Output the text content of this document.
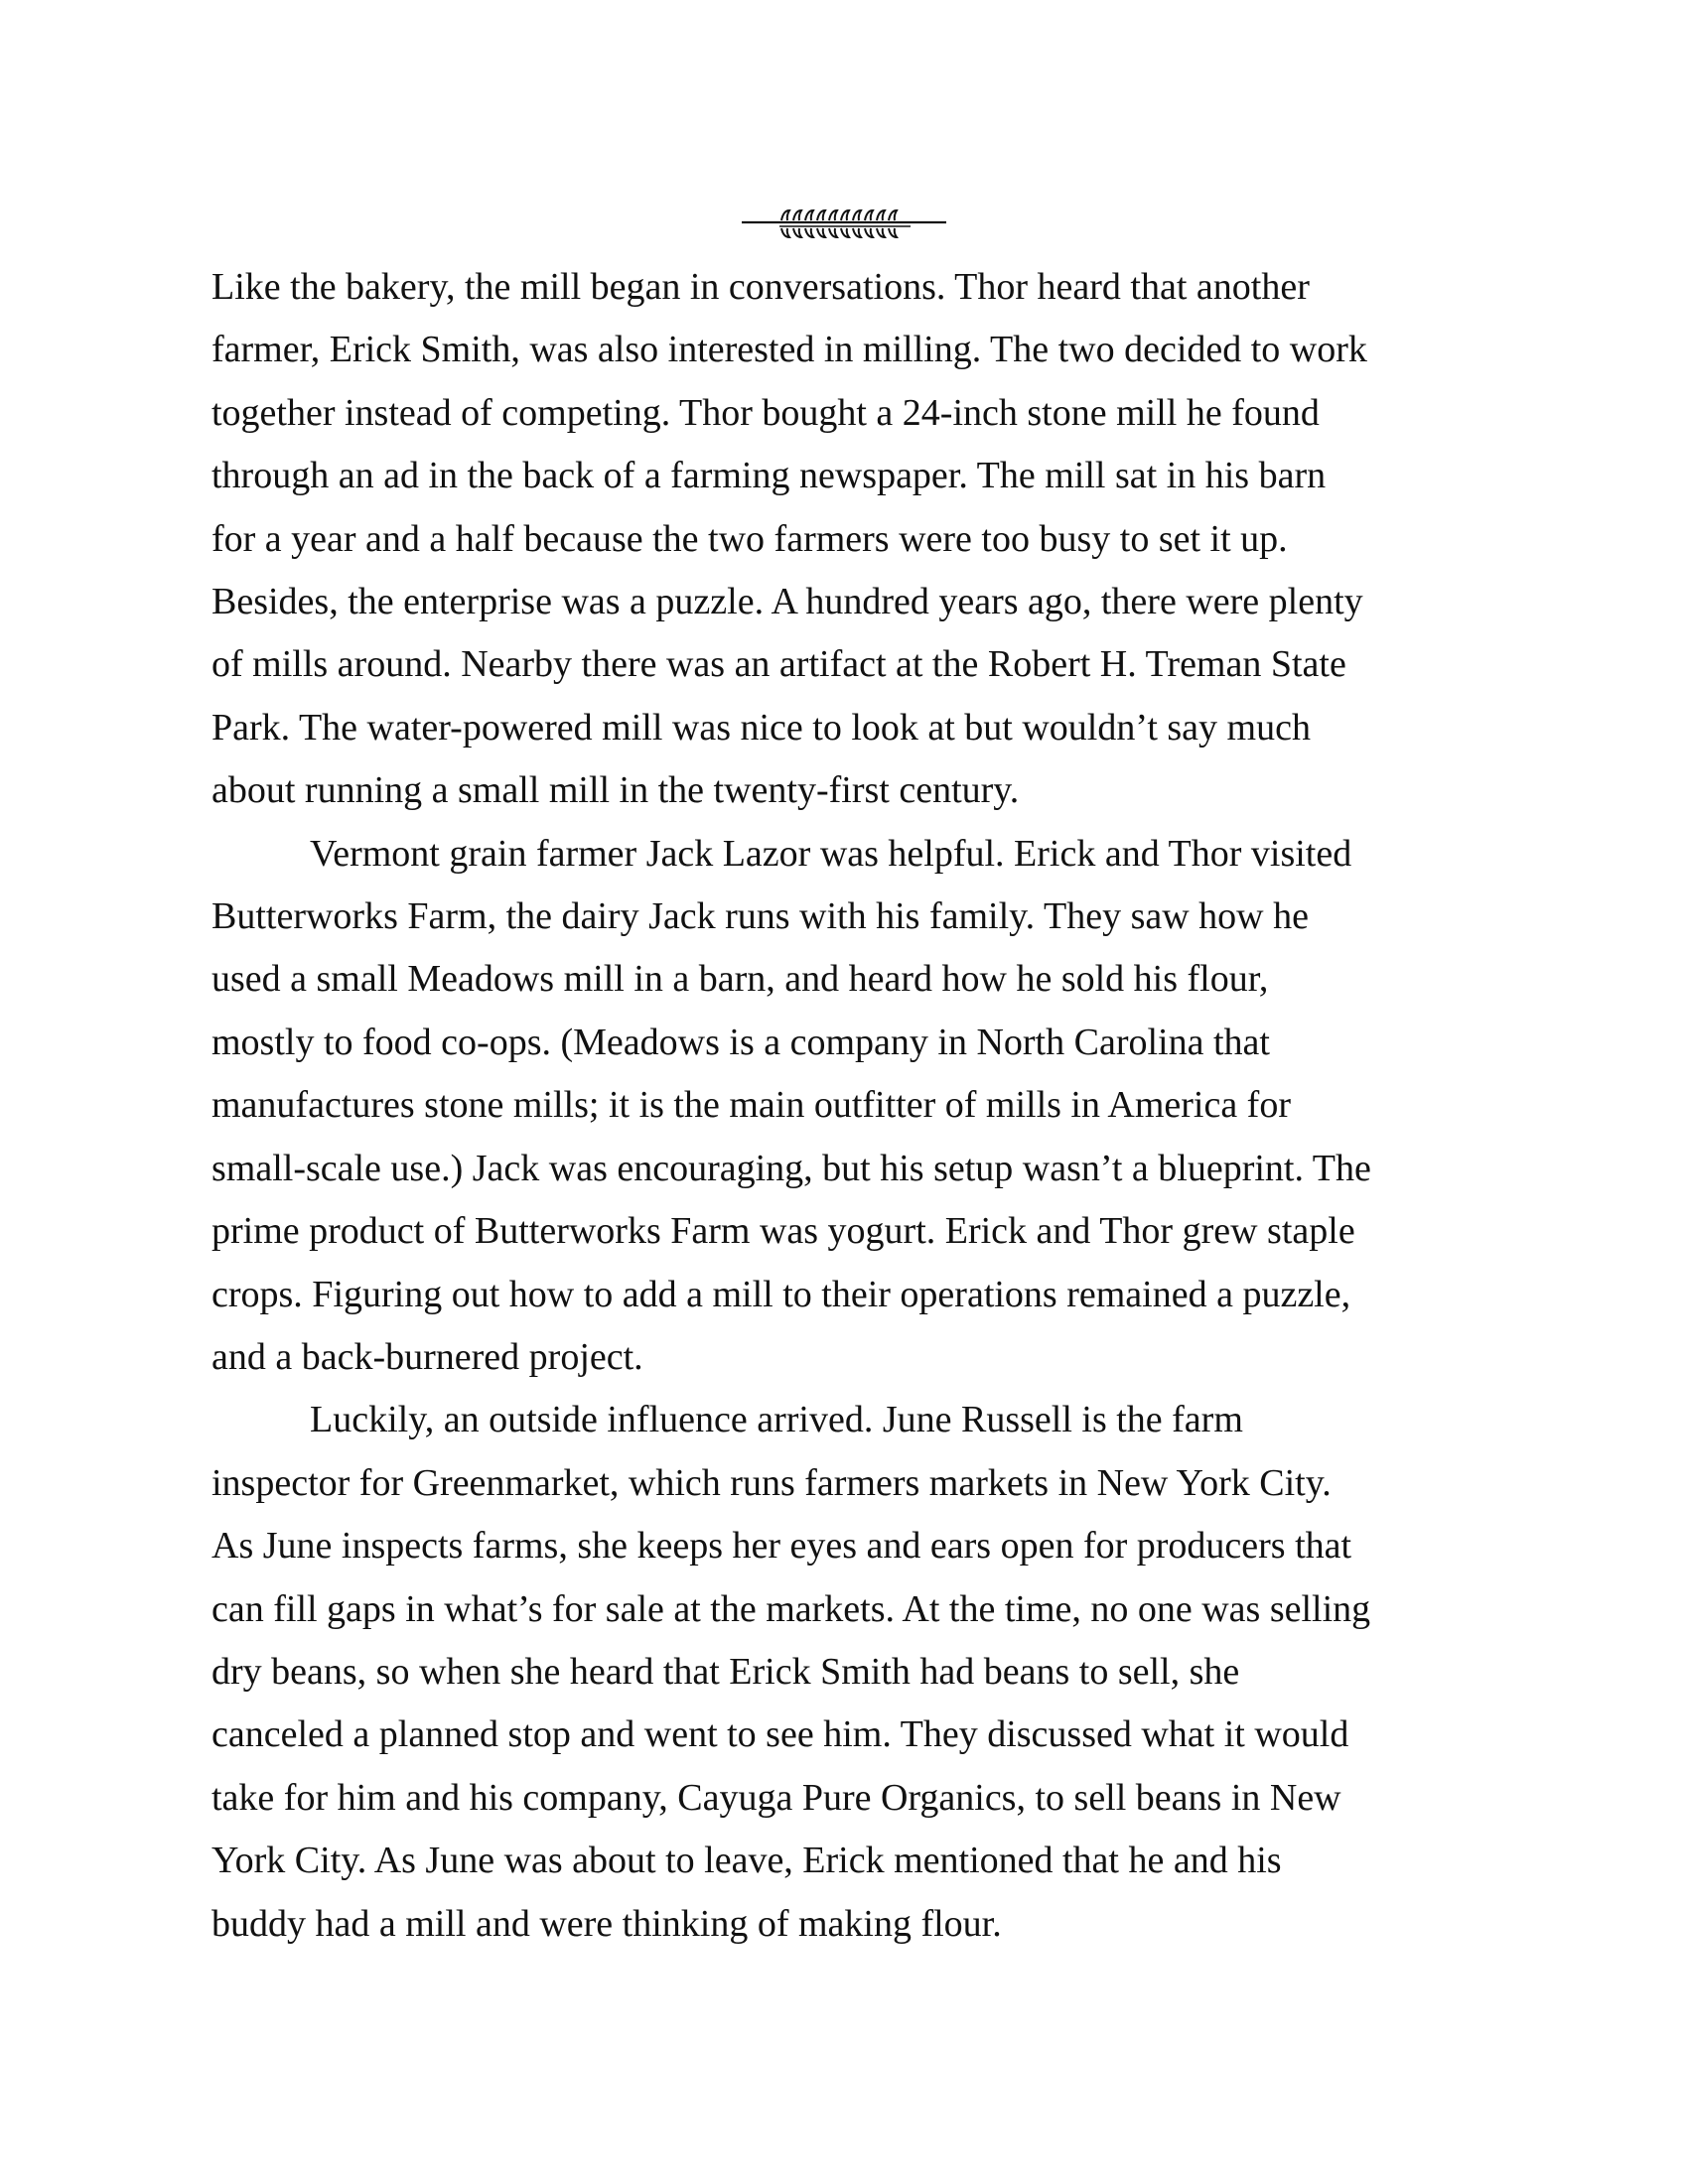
Like the bakery, the mill began in conversations. Thor heard that another
farmer, Erick Smith, was also interested in milling. The two decided to work
together instead of competing. Thor bought a 24-inch stone mill he found
through an ad in the back of a farming newspaper. The mill sat in his barn
for a year and a half because the two farmers were too busy to set it up.
Besides, the enterprise was a puzzle. A hundred years ago, there were plenty
of mills around. Nearby there was an artifact at the Robert H. Treman State
Park. The water-powered mill was nice to look at but wouldn’t say much
about running a small mill in the twenty-first century.
Vermont grain farmer Jack Lazor was helpful. Erick and Thor visited
Butterworks Farm, the dairy Jack runs with his family. They saw how he
used a small Meadows mill in a barn, and heard how he sold his flour,
mostly to food co-ops. (Meadows is a company in North Carolina that
manufactures stone mills; it is the main outfitter of mills in America for
small-scale use.) Jack was encouraging, but his setup wasn’t a blueprint. The
prime product of Butterworks Farm was yogurt. Erick and Thor grew staple
crops. Figuring out how to add a mill to their operations remained a puzzle,
and a back-burnered project.
Luckily, an outside influence arrived. June Russell is the farm
inspector for Greenmarket, which runs farmers markets in New York City.
As June inspects farms, she keeps her eyes and ears open for producers that
can fill gaps in what’s for sale at the markets. At the time, no one was selling
dry beans, so when she heard that Erick Smith had beans to sell, she
canceled a planned stop and went to see him. They discussed what it would
take for him and his company, Cayuga Pure Organics, to sell beans in New
York City. As June was about to leave, Erick mentioned that he and his
buddy had a mill and were thinking of making flour.
